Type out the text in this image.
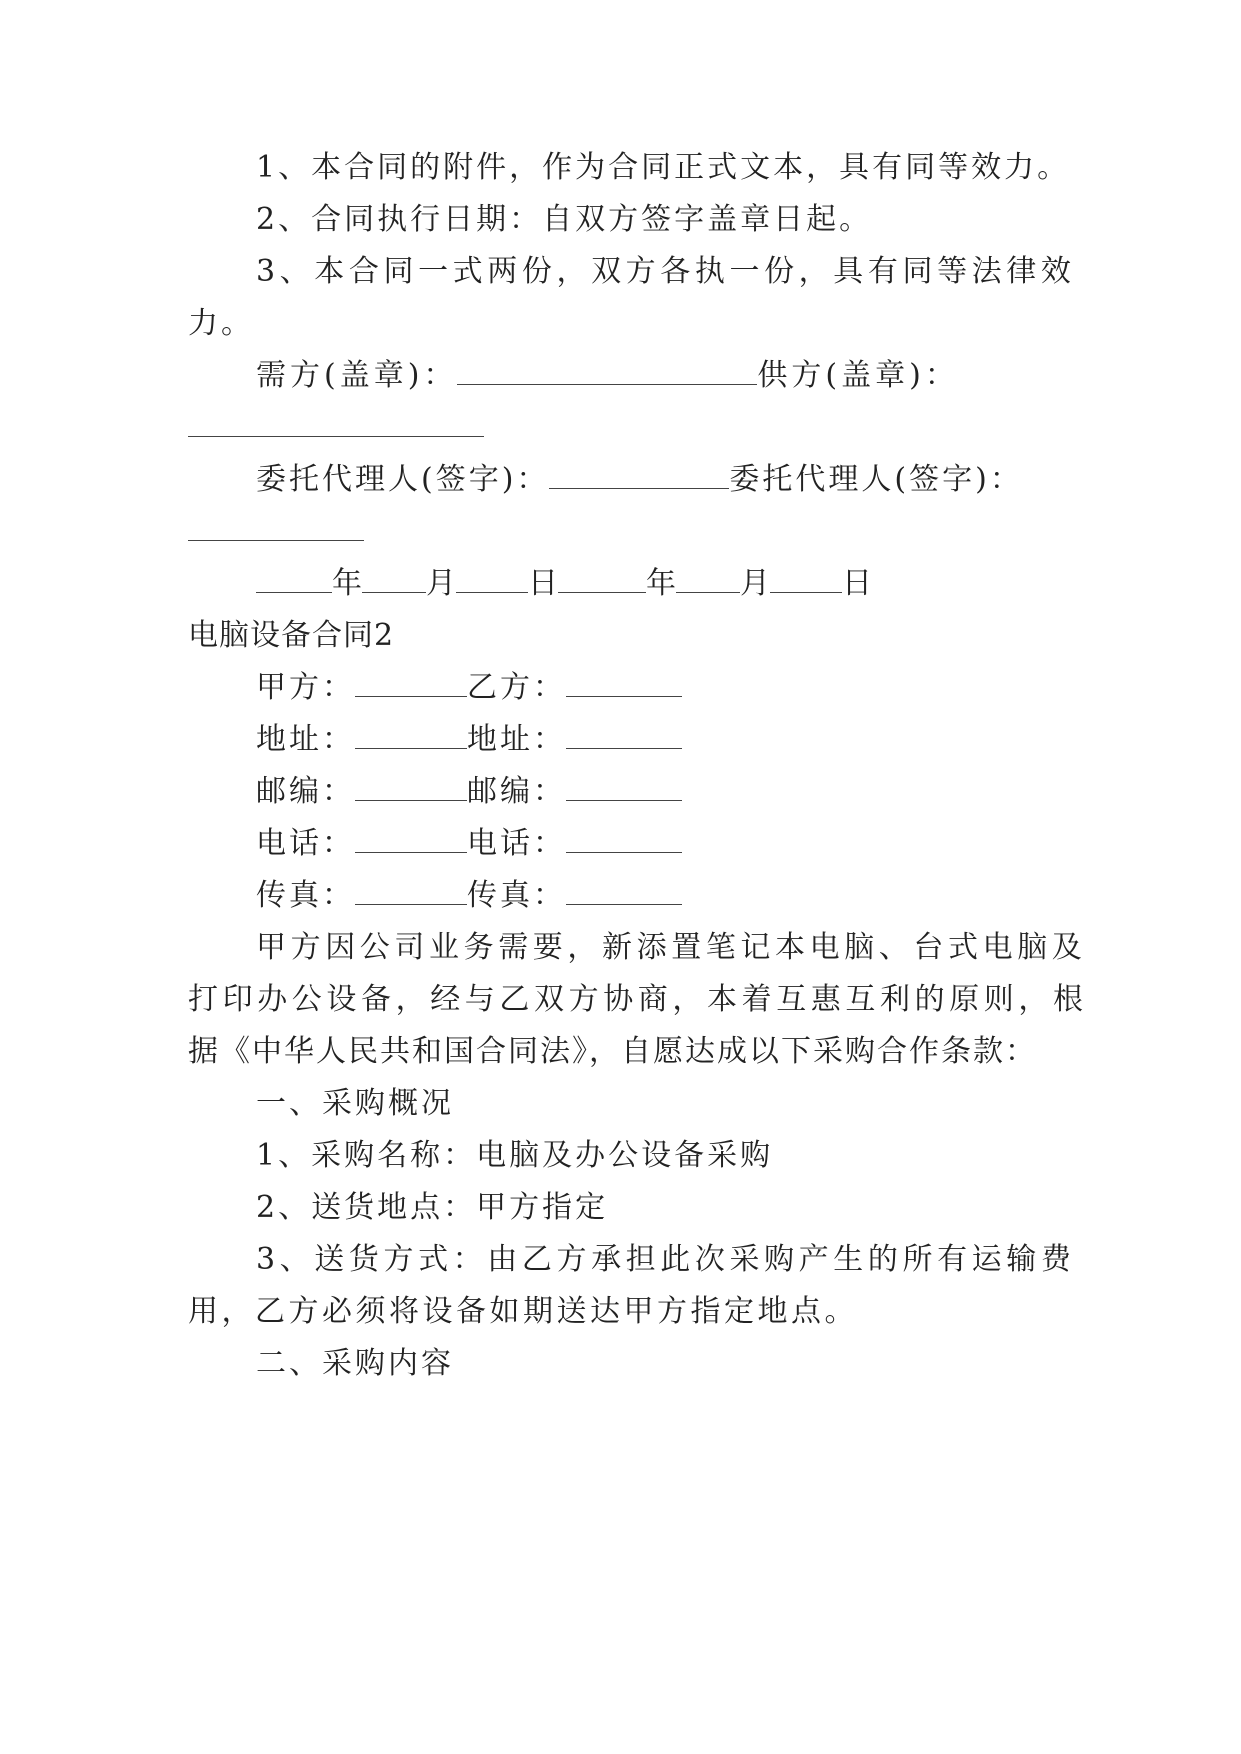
1、本合同的附件，作为合同正式文本，具有同等效力。

2、合同执行日期：自双方签字盖章日起。

3、本合同一式两份，双方各执一份，具有同等法律效

力。

需方(盖章)：	供方(盖章)：
委托代理人(签字)：	委托代理人(签字)：
年 月 日	年 月 日

电脑设备合同2

甲方：	乙方：
地址：	地址：
邮编：	邮编：
电话：	电话：
传真：	传真：

甲方因公司业务需要，新添置笔记本电脑、台式电脑及

打印办公设备，经与乙双方协商，本着互惠互利的原则，根

据《中华人民共和国合同法》，自愿达成以下采购合作条款：

一、采购概况

1、采购名称：电脑及办公设备采购

2、送货地点：甲方指定

3、送货方式：由乙方承担此次采购产生的所有运输费

用，乙方必须将设备如期送达甲方指定地点。

二、采购内容
